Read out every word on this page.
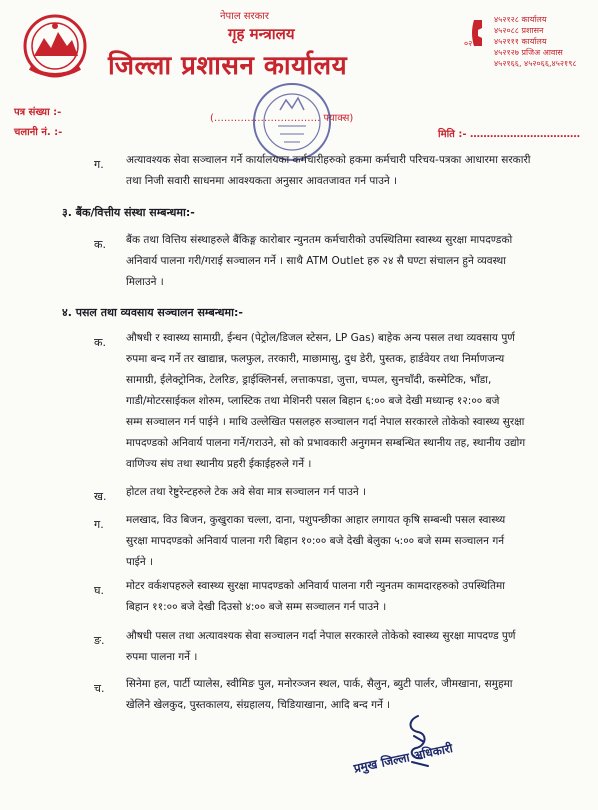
नेपाल सरकार
गृह मन्त्रालय
जिल्ला प्रशासन कार्यालय
०२१
४५२१२८ कार्यालय
४५२०८८ प्रशासन
४५२१११ कार्यालय
४५२१२७ प्रजिअ आवास
४५२१६६, ४५२०६६,४५२१९८
पत्र संख्या :-
चलानी नं. :-
(………………………….. फ्याक्स)
मिति :- ……………………………
ग. अत्यावश्यक सेवा सञ्चालन गर्ने कार्यालयका कर्मचारीहरुको हकमा कर्मचारी परिचय-पत्रका आधारमा सरकारी
तथा निजी सवारी साधनमा आवश्यकता अनुसार आवतजावत गर्न पाउने ।
३. बैंक/वित्तीय संस्था सम्बन्धमा:-
क. बैंक तथा वित्तिय संस्थाहरुले बैंकिङ्ग कारोबार न्युनतम कर्मचारीको उपस्थितिमा स्वास्थ्य सुरक्षा मापदण्डको
अनिवार्य पालना गरी/गराई सञ्चालन गर्ने । साथै ATM Outlet हरु २४ सै घण्टा संचालन हुने व्यवस्था
मिलाउने ।
४. पसल तथा व्यवसाय सञ्चालन सम्बन्धमा:-
क. औषधी र स्वास्थ्य सामाग्री, ईन्धन (पेट्रोल/डिजल स्टेसन, LP Gas) बाहेक अन्य पसल तथा व्यवसाय पुर्ण
रुपमा बन्द गर्ने तर खाद्यान्न, फलफुल, तरकारी, माछामासु, दुध डेरी, पुस्तक, हार्डवेयर तथा निर्माणजन्य
सामाग्री, ईलेक्ट्रोनिक, टेलरिङ, ड्राईक्लिनर्स, लत्ताकपडा, जुत्ता, चप्पल, सुनचाँदी, कस्मेटिक, भाँडा,
गाडी/मोटरसाईकल शोरुम, प्लास्टिक तथा मेशिनरी पसल बिहान ६:०० बजे देखी मध्यान्ह १२:०० बजे
सम्म सञ्चालन गर्न पाईने । माथि उल्लेखित पसलहरु सञ्चालन गर्दा नेपाल सरकारले तोकेको स्वास्थ्य सुरक्षा
मापदण्डको अनिवार्य पालना गर्ने/गराउने, सो को प्रभावकारी अनुगमन सम्बन्धित स्थानीय तह, स्थानीय उद्योग
वाणिज्य संघ तथा स्थानीय प्रहरी ईकाईहरुले गर्ने ।
ख. होटल तथा रेष्टुरेन्टहरुले टेक अवे सेवा मात्र सञ्चालन गर्न पाउने ।
ग. मलखाद, विउ बिजन, कुखुराका चल्ला, दाना, पशुपन्छीका आहार लगायत कृषि सम्बन्धी पसल स्वास्थ्य
सुरक्षा मापदण्डको अनिवार्य पालना गरी बिहान १०:०० बजे देखी बेलुका ५:०० बजे सम्म सञ्चालन गर्न
पाईने ।
घ. मोटर वर्कशपहरुले स्वास्थ्य सुरक्षा मापदण्डको अनिवार्य पालना गरी न्युनतम कामदारहरुको उपस्थितिमा
बिहान ११:०० बजे देखी दिउसो ४:०० बजे सम्म सञ्चालन गर्न पाउने ।
ङ. औषधी पसल तथा अत्यावश्यक सेवा सञ्चालन गर्दा नेपाल सरकारले तोकेको स्वास्थ्य सुरक्षा मापदण्ड पुर्ण
रुपमा पालना गर्ने ।
च. सिनेमा हल, पार्टी प्यालेस, स्वीमिङ पुल, मनोरञ्जन स्थल, पार्क, सैलुन, ब्युटी पार्लर, जीमखाना, समुहमा
खेलिने खेलकुद, पुस्तकालय, संग्रहालय, चिडियाखाना, आदि बन्द गर्ने ।
प्रमुख जिल्ला अधिकारी
